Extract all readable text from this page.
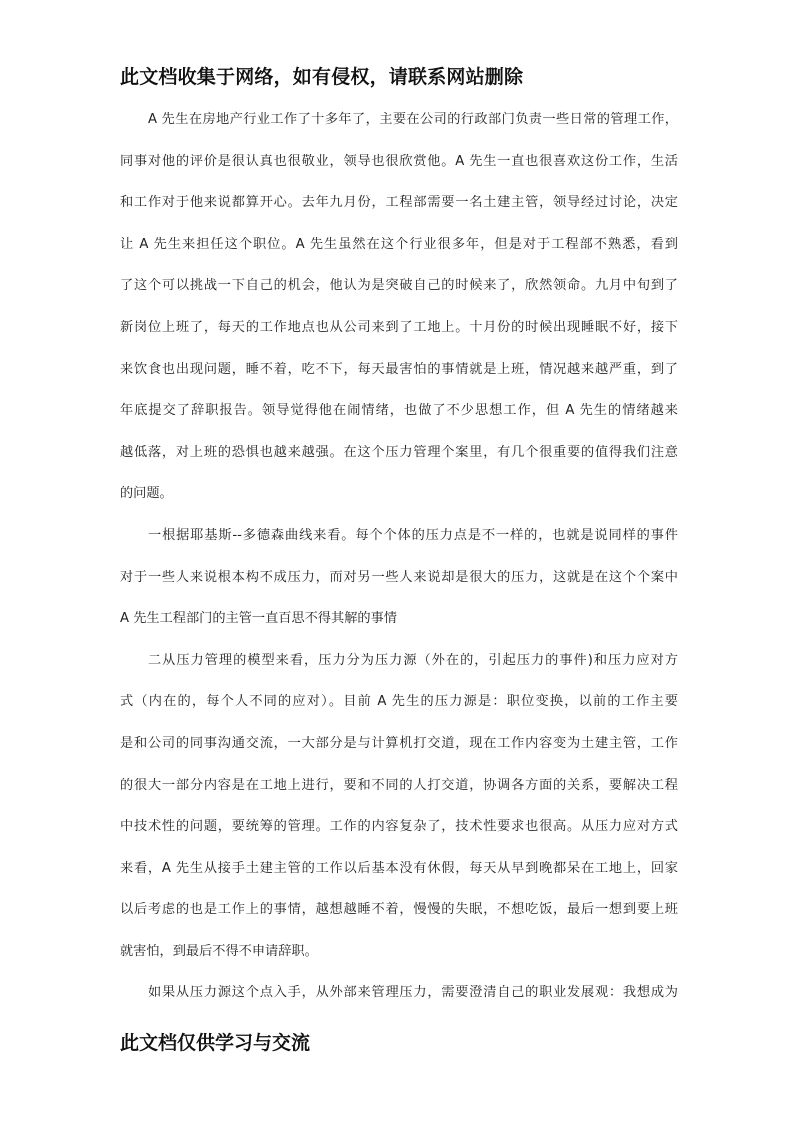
此文档收集于网络，如有侵权，请联系网站删除
A 先生在房地产行业工作了十多年了，主要在公司的行政部门负责一些日常的管理工作，
同事对他的评价是很认真也很敬业，领导也很欣赏他。A 先生一直也很喜欢这份工作，生活
和工作对于他来说都算开心。去年九月份，工程部需要一名土建主管，领导经过讨论，决定
让 A 先生来担任这个职位。A 先生虽然在这个行业很多年，但是对于工程部不熟悉，看到
了这个可以挑战一下自己的机会，他认为是突破自己的时候来了，欣然领命。九月中旬到了
新岗位上班了，每天的工作地点也从公司来到了工地上。十月份的时候出现睡眠不好，接下
来饮食也出现问题，睡不着，吃不下，每天最害怕的事情就是上班，情况越来越严重，到了
年底提交了辞职报告。领导觉得他在闹情绪，也做了不少思想工作，但 A 先生的情绪越来
越低落，对上班的恐惧也越来越强。在这个压力管理个案里，有几个很重要的值得我们注意
的问题。
一根据耶基斯--多德森曲线来看。每个个体的压力点是不一样的，也就是说同样的事件
对于一些人来说根本构不成压力，而对另一些人来说却是很大的压力，这就是在这个个案中
A 先生工程部门的主管一直百思不得其解的事情
二从压力管理的模型来看，压力分为压力源（外在的，引起压力的事件)和压力应对方
式（内在的，每个人不同的应对）。目前 A 先生的压力源是：职位变换，以前的工作主要
是和公司的同事沟通交流，一大部分是与计算机打交道，现在工作内容变为土建主管，工作
的很大一部分内容是在工地上进行，要和不同的人打交道，协调各方面的关系，要解决工程
中技术性的问题，要统筹的管理。工作的内容复杂了，技术性要求也很高。从压力应对方式
来看，A 先生从接手土建主管的工作以后基本没有休假，每天从早到晚都呆在工地上，回家
以后考虑的也是工作上的事情，越想越睡不着，慢慢的失眠，不想吃饭，最后一想到要上班
就害怕，到最后不得不申请辞职。
如果从压力源这个点入手，从外部来管理压力，需要澄清自己的职业发展观：我想成为
此文档仅供学习与交流
